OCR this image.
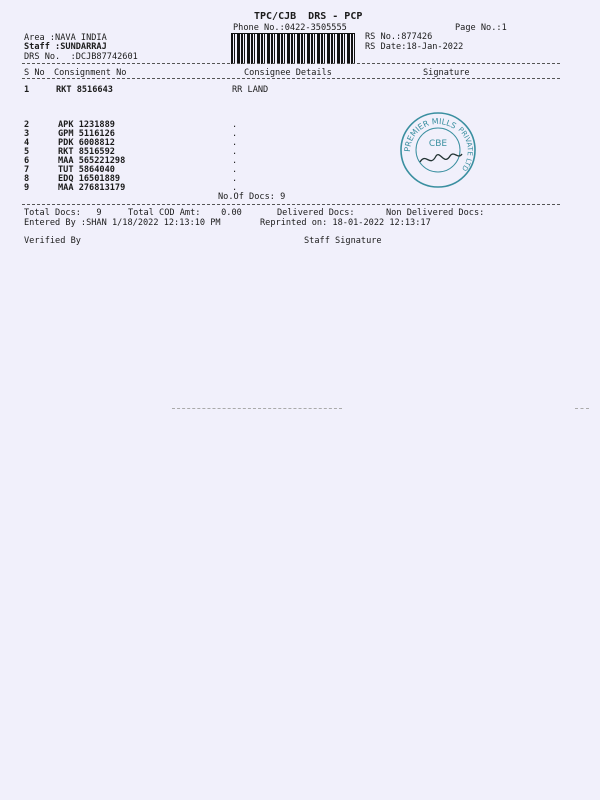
TPC/CJB  DRS - PCP
Phone No.:0422-3505555	Page No.:1
Area :NAVA INDIA
Staff :SUNDARRAJ
DRS No.  :DCJB87742601
RS No.:877426
RS Date:18-Jan-2022
S No Consignment No	Consignee Details	Signature
1	RKT 8516643	RR LAND
2	APK 1231889	.
3	GPM 5116126	.
4	PDK 6008812	.
5	RKT 8516592	.
6	MAA 565221298	.
7	TUT 5864040	.
8	EDQ 16501889	.
9	MAA 276813179	.
No.Of Docs: 9
PREMIER MILLS
PRIVATE LTD
CBE
Total Docs:   9	Total COD Amt:    0.00	Delivered Docs:	Non Delivered Docs:
Entered By :SHAN 1/18/2022 12:13:10 PM	Reprinted on: 18-01-2022 12:13:17
Verified By	Staff Signature
